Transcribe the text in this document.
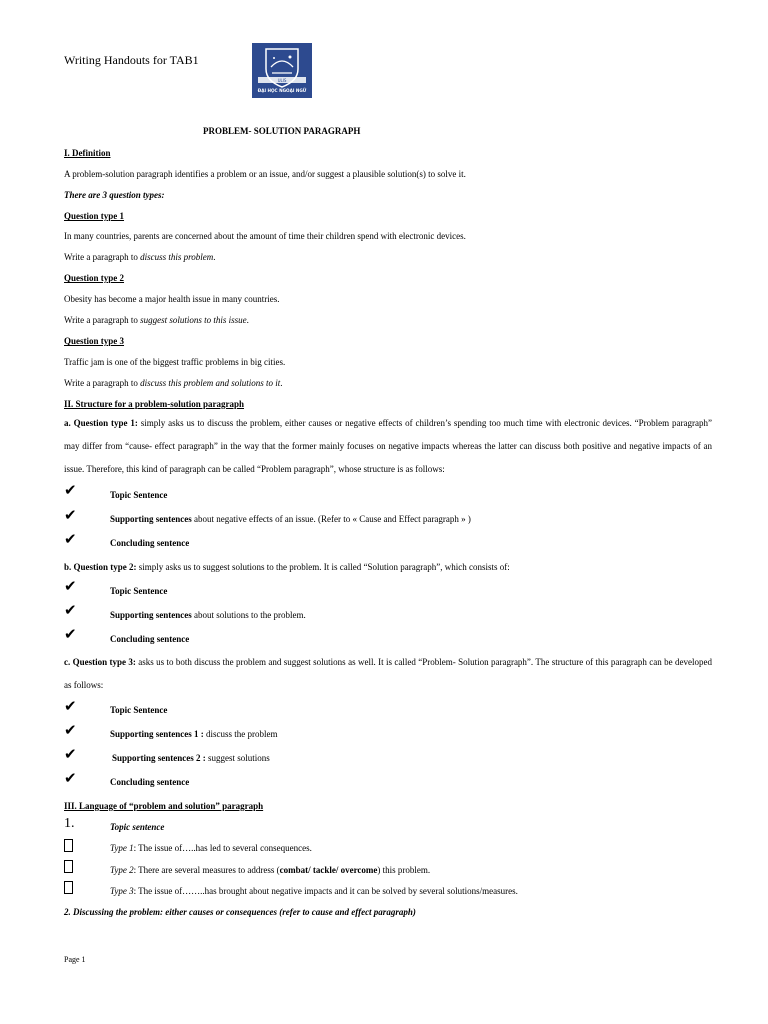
Writing Handouts for TAB1
ULIS
ĐẠI HỌC NGOẠI NGỮ
PROBLEM- SOLUTION PARAGRAPH
I. Definition
A problem-solution paragraph identifies a problem or an issue, and/or suggest a plausible solution(s) to solve it.
There are 3 question types:
Question type 1
In many countries, parents are concerned about the amount of time their children spend with electronic devices.
Write a paragraph to discuss this problem.
Question type 2
Obesity has become a major health issue in many countries.
Write a paragraph to suggest solutions to this issue.
Question type 3
Traffic jam is one of the biggest traffic problems in big cities.
Write a paragraph to discuss this problem and solutions to it.
II. Structure for a problem-solution paragraph
a. Question type 1: simply asks us to discuss the problem, either causes or negative effects of children’s spending too much time with electronic devices. “Problem paragraph” may differ from “cause- effect paragraph” in the way that the former mainly focuses on negative impacts whereas the latter can discuss both positive and negative impacts of an issue. Therefore, this kind of paragraph can be called “Problem paragraph”, whose structure is as follows:
✔	Topic Sentence
✔	Supporting sentences about negative effects of an issue. (Refer to « Cause and Effect paragraph » )
✔	Concluding sentence
b. Question type 2: simply asks us to suggest solutions to the problem. It is called “Solution paragraph”, which consists of:
✔	Topic Sentence
✔	Supporting sentences about solutions to the problem.
✔	Concluding sentence
c. Question type 3: asks us to both discuss the problem and suggest solutions as well. It is called “Problem- Solution paragraph”. The structure of this paragraph can be developed as follows:
✔	Topic Sentence
✔	Supporting sentences 1 : discuss the problem
✔	Supporting sentences 2 : suggest solutions
✔	Concluding sentence
III. Language of “problem and solution” paragraph
1.	Topic sentence
Type 1: The issue of…..has led to several consequences.
Type 2: There are several measures to address (combat/ tackle/ overcome) this problem.
Type 3: The issue of……..has brought about negative impacts and it can be solved by several solutions/measures.
2. Discussing the problem: either causes or consequences (refer to cause and effect paragraph)
Page 1
